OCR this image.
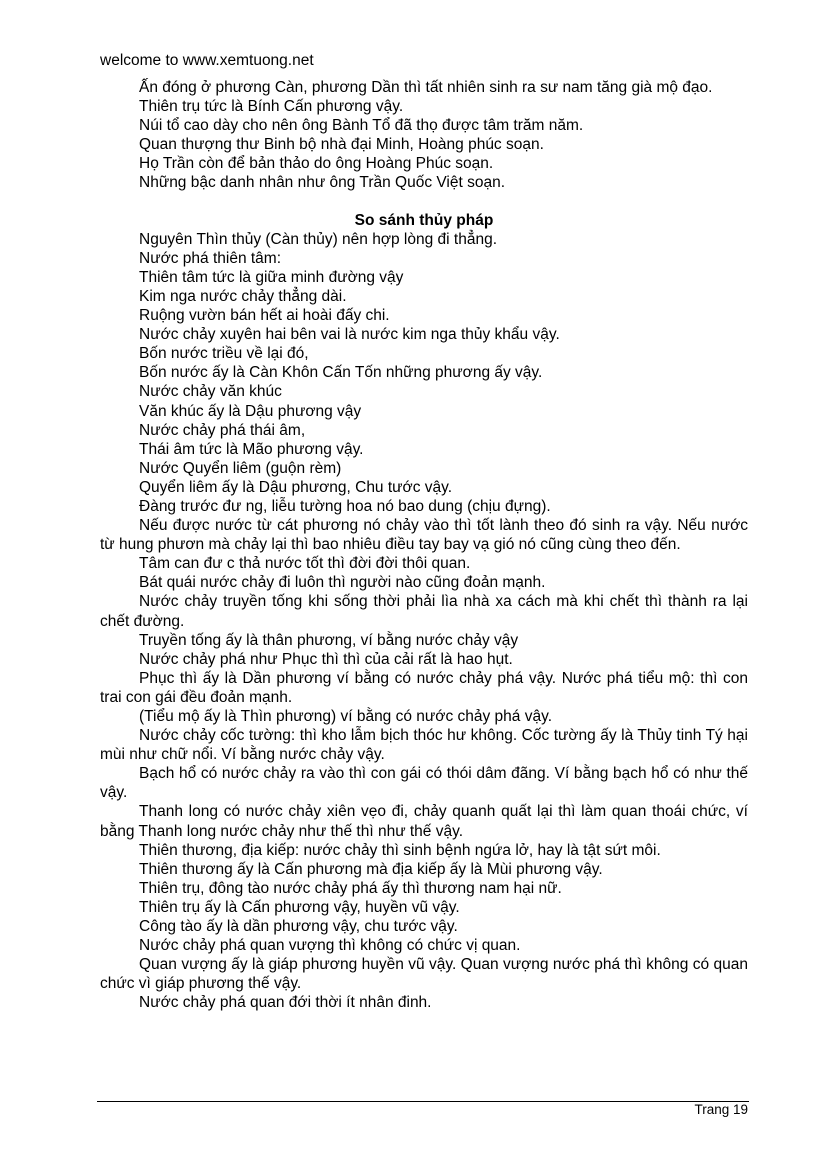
welcome to www.xemtuong.net

Ấn đóng ở phương Càn, phương Dần thì tất nhiên sinh ra sư nam tăng già mộ đạo.

Thiên trụ tức là Bính Cấn phương vậy.

Núi tổ cao dày cho nên ông Bành Tổ đã thọ được tâm trăm năm.

Quan thượng thư Binh bộ nhà đại Minh, Hoàng phúc soạn.

Họ Trần còn để bản thảo do ông Hoàng Phúc soạn.

Những bậc danh nhân như ông Trần Quốc Việt soạn.

So sánh thủy pháp

Nguyên Thìn thủy (Càn thủy) nên hợp lòng đi thẳng.

Nước phá thiên tâm:

Thiên tâm tức là giữa minh đường vậy

Kim nga nước chảy thẳng dài.

Ruộng vườn bán hết ai hoài đấy chi.

Nước chảy xuyên hai bên vai là nước kim nga thủy khẩu vậy.

Bốn nước triều về lại đó,

Bốn nước ấy là Càn Khôn Cấn Tốn những phương ấy vậy.

Nước chảy văn khúc

Văn khúc ấy là Dậu phương vậy

Nước chảy phá thái âm,

Thái âm tức là Mão phương vậy.

Nước Quyển liêm (guộn rèm)

Quyển liêm ấy là Dậu phương, Chu tước vậy.

Đàng trước đư ng, liễu tường hoa nó bao dung (chịu đựng).

Nếu được nước từ cát phương nó chảy vào thì tốt lành theo đó sinh ra vậy. Nếu nước từ hung phươn mà chảy lại thì bao nhiêu điều tay bay vạ gió nó cũng cùng theo đến.

Tâm can đư c thả nước tốt thì đời đời thôi quan.

Bát quái nước chảy đi luôn thì người nào cũng đoản mạnh.

Nước chảy truyền tống khi sống thời phải lìa nhà xa cách mà khi chết thì thành ra lại chết đường.

Truyền tống ấy là thân phương, ví bằng nước chảy vậy

Nước chảy phá như Phục thì thì của cải rất là hao hụt.

Phục thì ấy là Dần phương ví bằng có nước chảy phá vậy. Nước phá tiểu mộ: thì con trai con gái đều đoản mạnh.

(Tiểu mộ ấy là Thìn phương) ví bằng có nước chảy phá vậy.

Nước chảy cốc tường: thì kho lẫm bịch thóc hư không. Cốc tường ấy là Thủy tinh Tý hại mùi như chữ nổi. Ví bằng nước chảy vậy.

Bạch hổ có nước chảy ra vào thì con gái có thói dâm đãng. Ví bằng bạch hổ có như thế vậy.

Thanh long có nước chảy xiên vẹo đi, chảy quanh quất lại thì làm quan thoái chức, ví bằng Thanh long nước chảy như thế thì như thế vậy.

Thiên thương, địa kiếp: nước chảy thì sinh bệnh ngứa lở, hay là tật sứt môi.

Thiên thương ấy là Cấn phương mà địa kiếp ấy là Mùi phương vậy.

Thiên trụ, đông tào nước chảy phá ấy thì thương nam hại nữ.

Thiên trụ ấy là Cấn phương vậy, huyền vũ vậy.

Công tào ấy là dần phương vậy, chu tước vậy.

Nước chảy phá quan vượng thì không có chức vị quan.

Quan vượng ấy là giáp phương huyền vũ vậy. Quan vượng nước phá thì không có quan chức vì giáp phương thế vậy.

Nước chảy phá quan đới thời ít nhân đinh.

Trang 19
